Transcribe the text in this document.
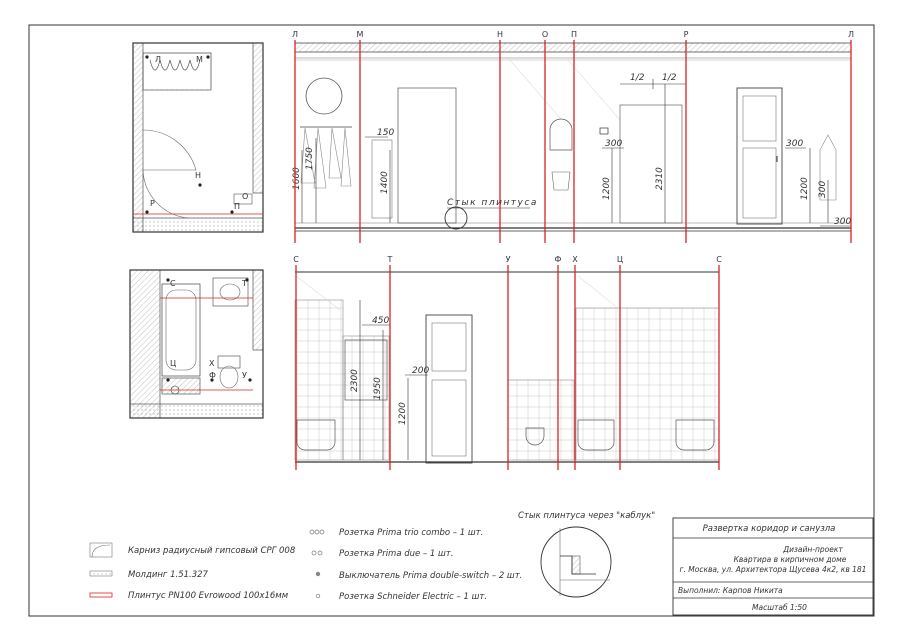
Л	М
Н
Р
О
П
С	Т
Ц	Х
Ф	У
1750
1600	1400
150
300
1200	2310
1/2 1/2
300
1200 300
300
Стык плинтуса
450
2300 1950
200
1200
Л	М	Н	О	П	Р	Л
С	Т	У	Ф Х	Ц	С
Стык плинтуса через "каблук"
Карниз радиусный гипсовый СРГ 008
Молдинг 1.51.327
Плинтус PN100 Evrowood 100х16мм
Розетка Prima trio combo – 1 шт.
Розетка Prima due – 1 шт.
Выключатель Prima double-switch – 2 шт.
Розетка Schneider Electric – 1 шт.
Развертка коридор и санузла
Дизайн-проект
Квартира в кирпичном доме
г. Москва, ул. Архитектора Щусева 4к2, кв 181
Выполнил: Карпов Никита
Масштаб 1:50
